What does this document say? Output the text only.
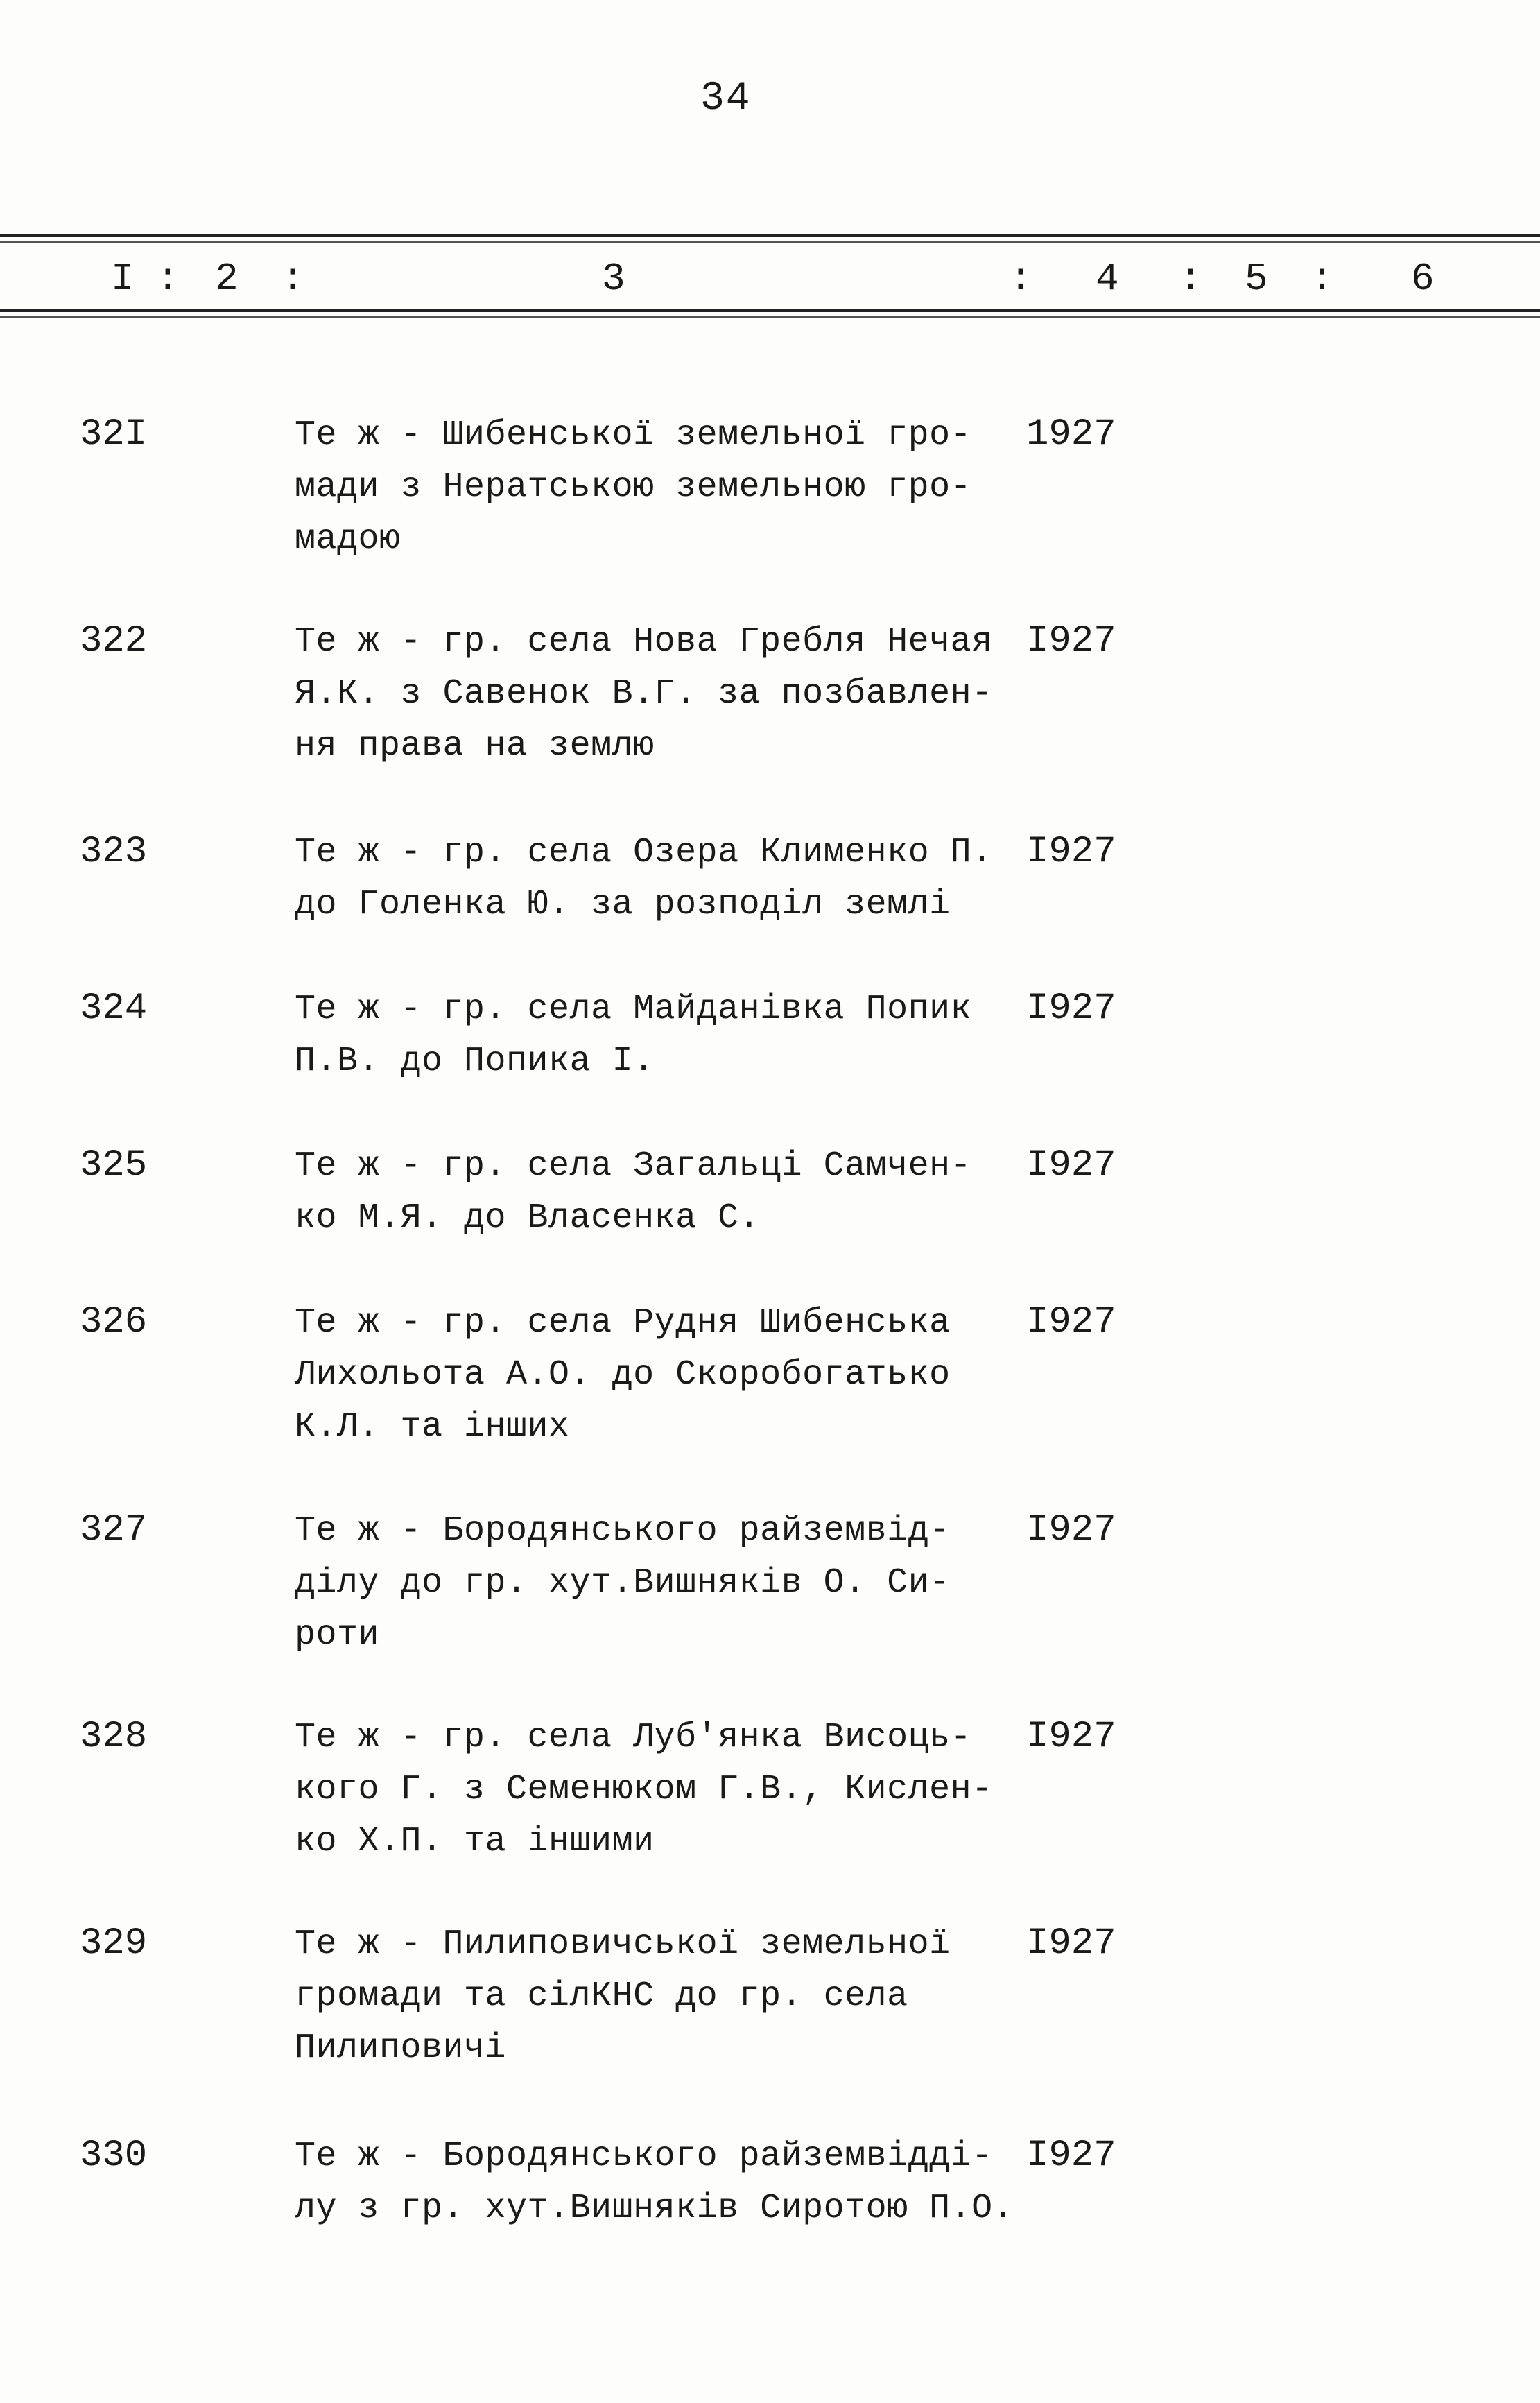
34
I : 2 :	3	: 4 : 5 : 6
32I	Те ж - Шибенської земельної гро-
мади з Нератською земельною гро-
мадою
1927
322	Те ж - гр. села Нова Гребля Нечая
Я.К. з Савенок В.Г. за позбавлен-
ня права на землю
I927
323	Те ж - гр. села Озера Клименко П.
до Голенка Ю. за розподіл землі
I927
324	Те ж - гр. села Майданівка Попик
П.В. до Попика І.
I927
325	Те ж - гр. села Загальці Самчен-
ко М.Я. до Власенка С.
I927
326	Те ж - гр. села Рудня Шибенська
Лихольота А.О. до Скоробогатько
К.Л. та інших
I927
327	Те ж - Бородянського райземвід-
ділу до гр. хут.Вишняків О. Си-
роти
I927
328	Те ж - гр. села Луб'янка Висоць-
кого Г. з Семенюком Г.В., Кислен-
ко Х.П. та іншими
I927
329	Те ж - Пилиповичської земельної
громади та сілКНС до гр. села
Пилиповичі
I927
330	Те ж - Бородянського райземвідді-
лу з гр. хут.Вишняків Сиротою П.О.
I927
